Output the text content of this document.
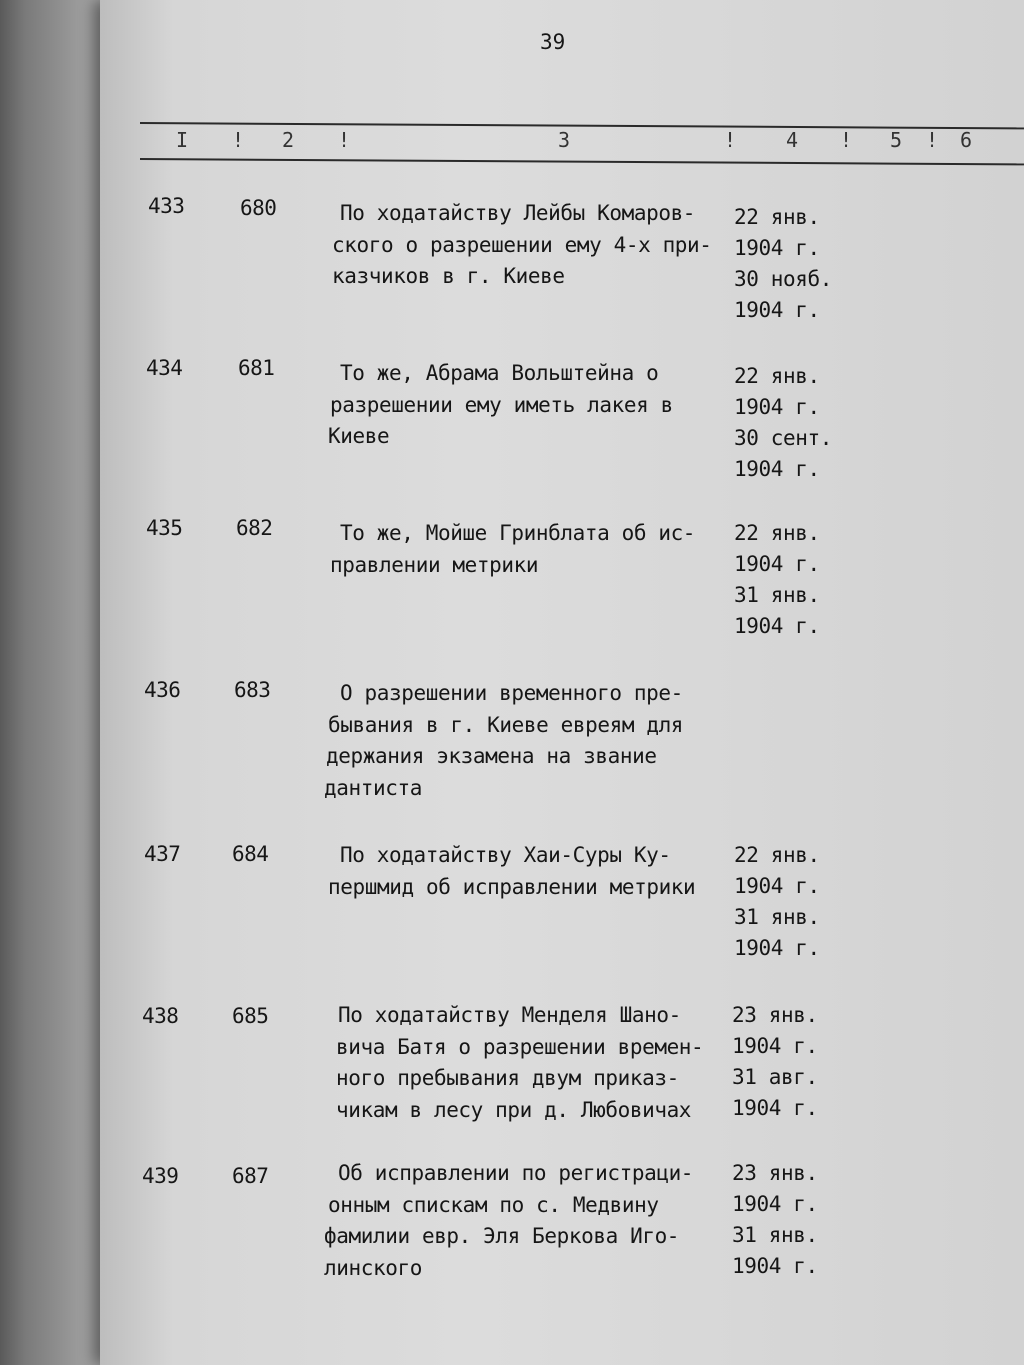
39
I ! 2 !	3	! 4 ! 5 ! 6
433	680	По ходатайству Лейбы Комаров-
ского о разрешении ему 4-х при-
казчиков в г. Киеве
22 янв.
1904 г.
30 нояб.
1904 г.
434	681	То же, Абрама Вольштейна о
разрешении ему иметь лакея в
Киеве
22 янв.
1904 г.
30 сент.
1904 г.
435	682	То же, Мойше Гринблата об ис-
правлении метрики
22 янв.
1904 г.
31 янв.
1904 г.
436	683	О разрешении временного пре-
бывания в г. Киеве евреям для
держания экзамена на звание
дантиста
437 684	По ходатайству Хаи-Суры Ку-
першмид об исправлении метрики
22 янв.
1904 г.
31 янв.
1904 г.
438	685	По ходатайству Менделя Шано-
вича Батя о разрешении времен-
ного пребывания двум приказ-
чикам в лесу при д. Любовичах
23 янв.
1904 г.
31 авг.
1904 г.
439	687	Об исправлении по регистраци-
онным спискам по с. Медвину
фамилии евр. Эля Беркова Иго-
линского
23 янв.
1904 г.
31 янв.
1904 г.
